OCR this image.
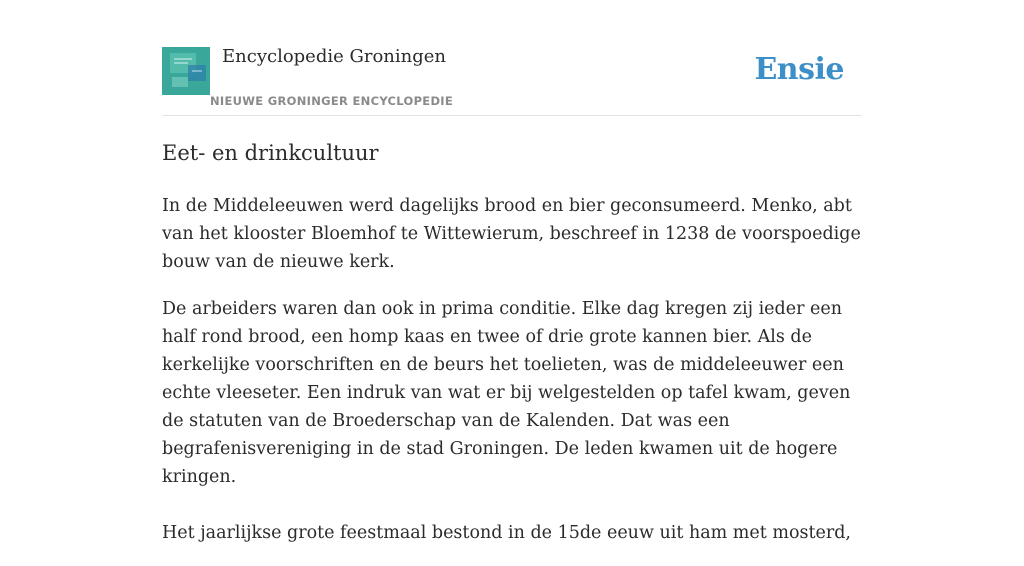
Encyclopedie Groningen
NIEUWE GRONINGER ENCYCLOPEDIE
Ensie
Eet- en drinkcultuur

In de Middeleeuwen werd dagelijks brood en bier geconsumeerd. Menko, abt van het klooster Bloemhof te Wittewierum, beschreef in 1238 de voorspoedige bouw van de nieuwe kerk.

De arbeiders waren dan ook in prima conditie. Elke dag kregen zij ieder een half rond brood, een homp kaas en twee of drie grote kannen bier. Als de kerkelijke voorschriften en de beurs het toelieten, was de middeleeuwer een echte vleeseter. Een indruk van wat er bij welgestelden op tafel kwam, geven de statuten van de Broederschap van de Kalenden. Dat was een begrafenisvereniging in de stad Groningen. De leden kwamen uit de hogere kringen.

Het jaarlijkse grote feestmaal bestond in de 15de eeuw uit ham met mosterd,
